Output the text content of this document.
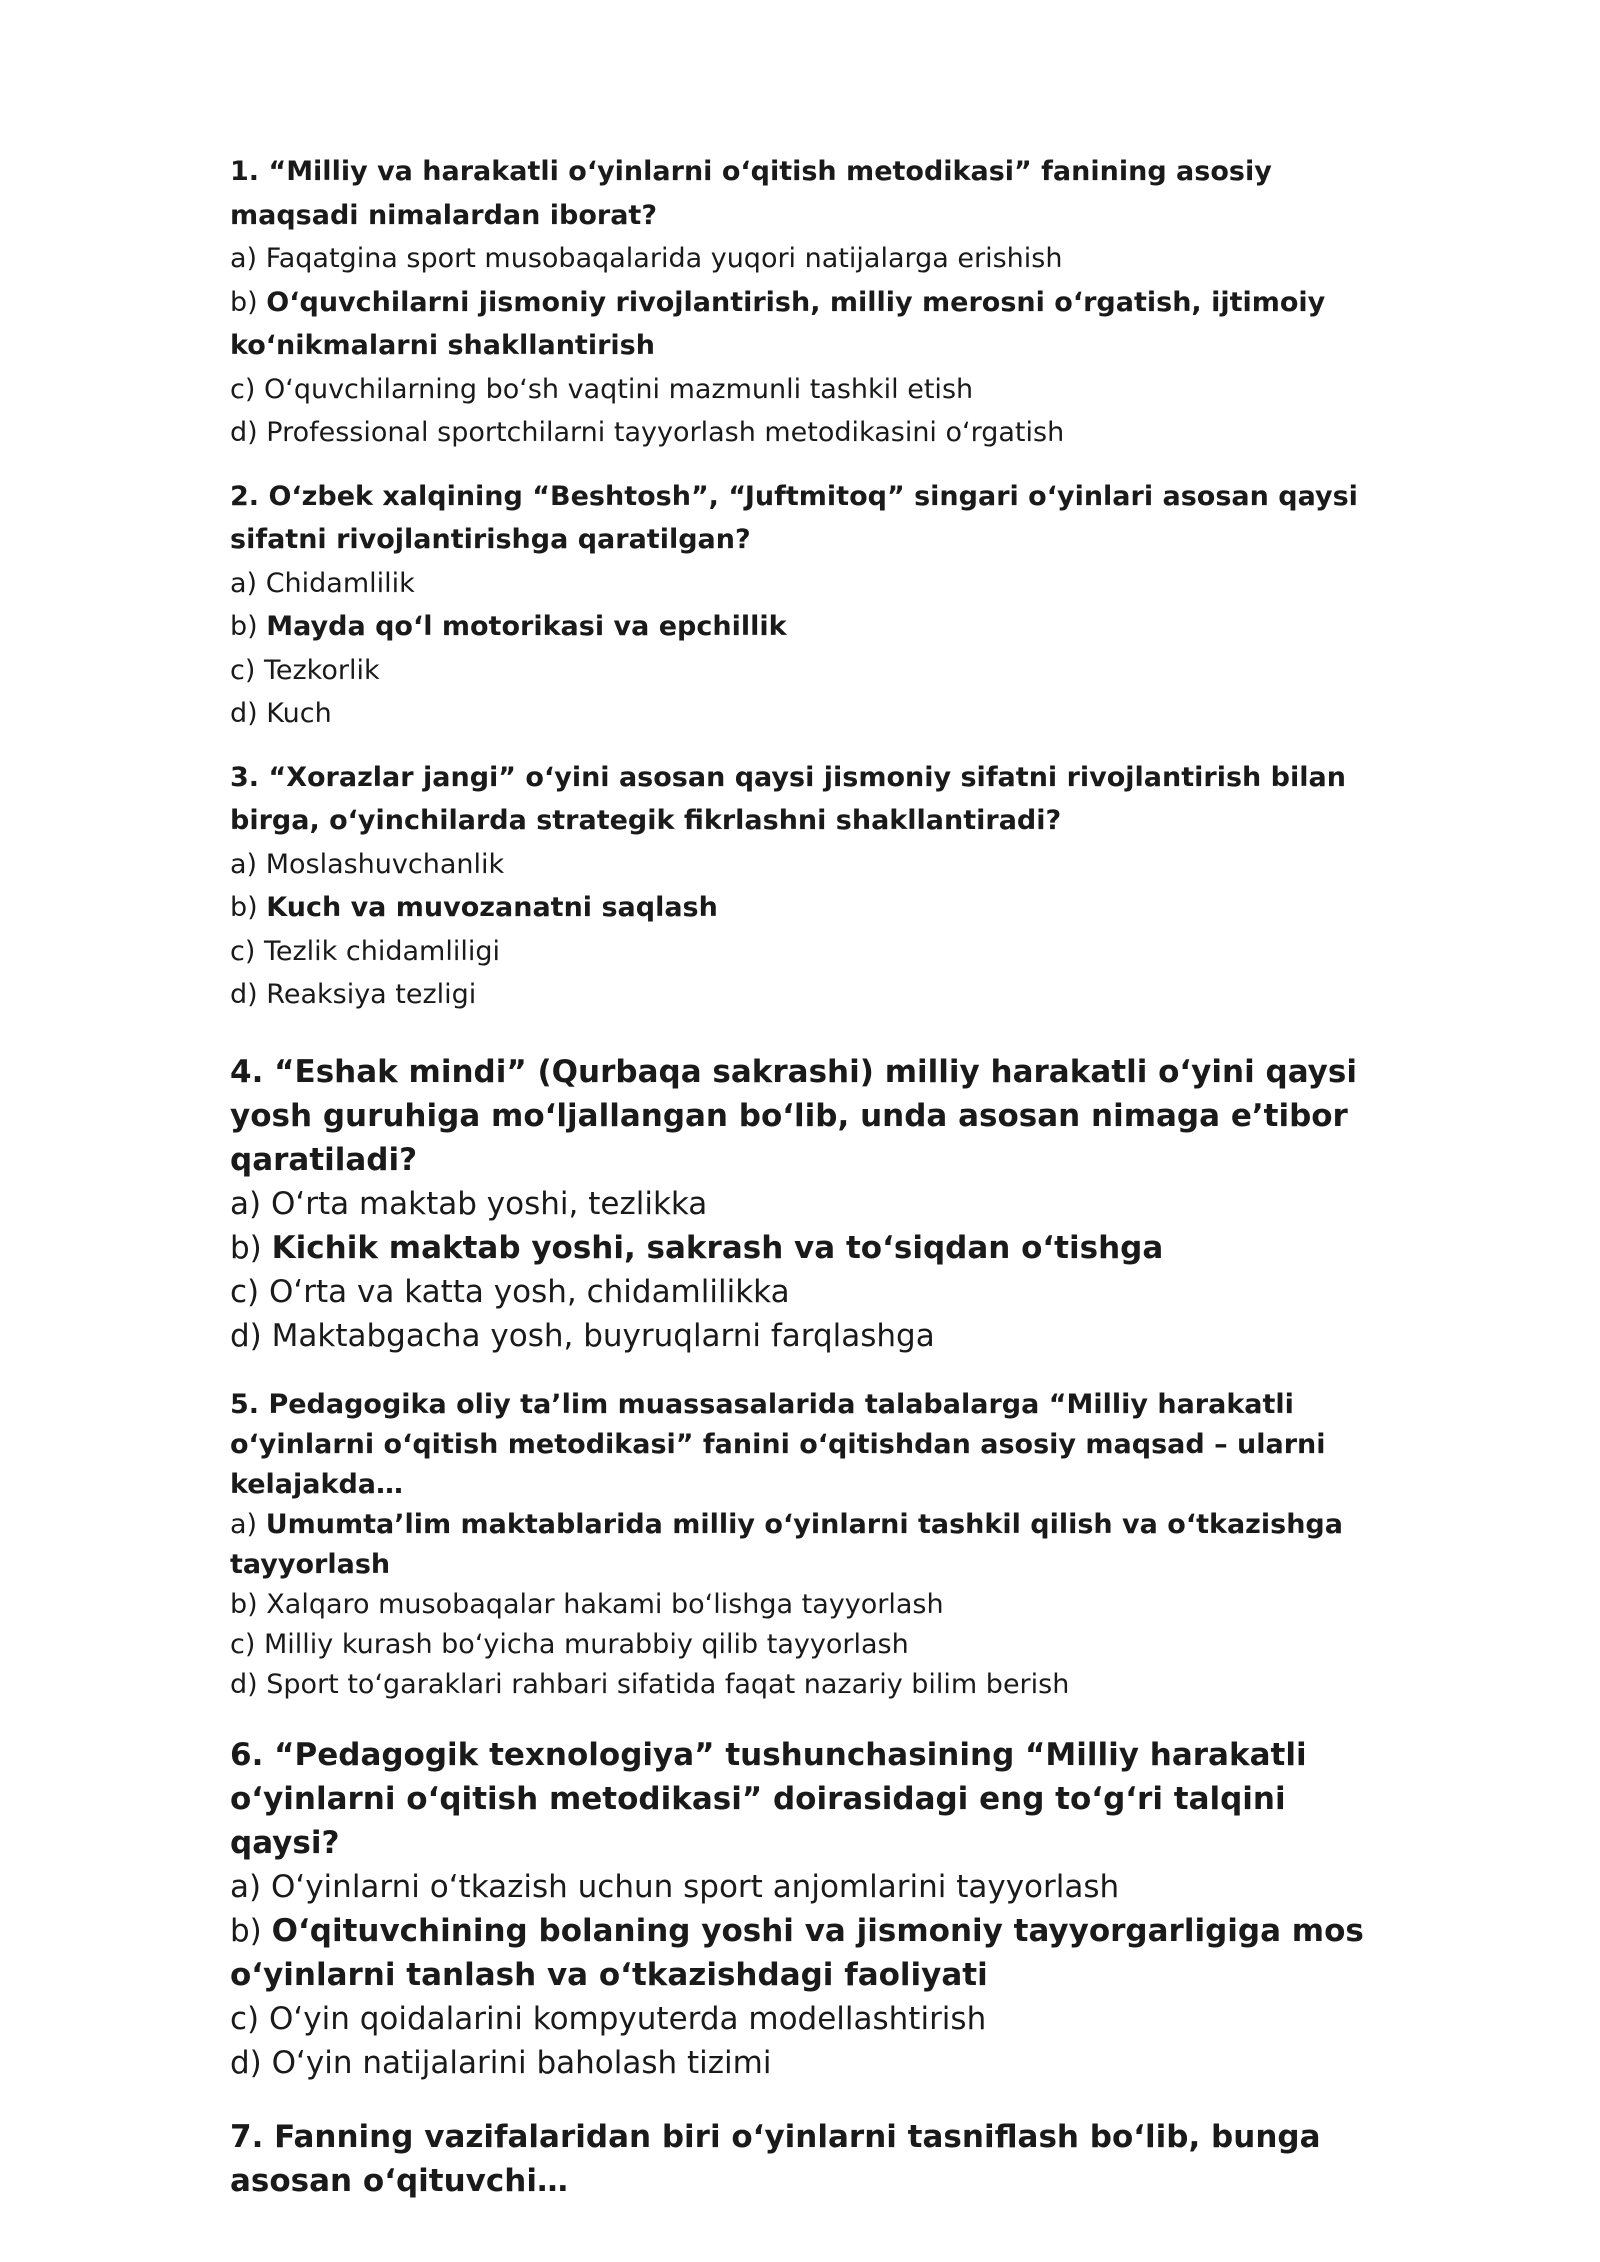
1. “Milliy va harakatli oʻyinlarni oʻqitish metodikasi” fanining asosiy maqsadi nimalardan iborat?

a) Faqatgina sport musobaqalarida yuqori natijalarga erishish

b) Oʻquvchilarni jismoniy rivojlantirish, milliy merosni oʻrgatish, ijtimoiy koʻnikmalarni shakllantirish

c) Oʻquvchilarning boʻsh vaqtini mazmunli tashkil etish

d) Professional sportchilarni tayyorlash metodikasini oʻrgatish

2. Oʻzbek xalqining “Beshtosh”, “Juftmitoq” singari oʻyinlari asosan qaysi sifatni rivojlantirishga qaratilgan?

a) Chidamlilik

b) Mayda qoʻl motorikasi va epchillik

c) Tezkorlik

d) Kuch

3. “Xorazlar jangi” oʻyini asosan qaysi jismoniy sifatni rivojlantirish bilan birga, oʻyinchilarda strategik fikrlashni shakllantiradi?

a) Moslashuvchanlik

b) Kuch va muvozanatni saqlash

c) Tezlik chidamliligi

d) Reaksiya tezligi

4. “Eshak mindi” (Qurbaqa sakrashi) milliy harakatli oʻyini qaysi yosh guruhiga moʻljallangan boʻlib, unda asosan nimaga eʼtibor qaratiladi?

a) Oʻrta maktab yoshi, tezlikka

b) Kichik maktab yoshi, sakrash va toʻsiqdan oʻtishga

c) Oʻrta va katta yosh, chidamlilikka

d) Maktabgacha yosh, buyruqlarni farqlashga

5. Pedagogika oliy taʼlim muassasalarida talabalarga “Milliy harakatli oʻyinlarni oʻqitish metodikasi” fanini oʻqitishdan asosiy maqsad – ularni kelajakda…

a) Umumtaʼlim maktablarida milliy oʻyinlarni tashkil qilish va oʻtkazishga tayyorlash

b) Xalqaro musobaqalar hakami boʻlishga tayyorlash

c) Milliy kurash boʻyicha murabbiy qilib tayyorlash

d) Sport toʻgaraklari rahbari sifatida faqat nazariy bilim berish

6. “Pedagogik texnologiya” tushunchasining “Milliy harakatli oʻyinlarni oʻqitish metodikasi” doirasidagi eng toʻgʻri talqini qaysi?

a) Oʻyinlarni oʻtkazish uchun sport anjomlarini tayyorlash

b) Oʻqituvchining bolaning yoshi va jismoniy tayyorgarligiga mos oʻyinlarni tanlash va oʻtkazishdagi faoliyati

c) Oʻyin qoidalarini kompyuterda modellashtirish

d) Oʻyin natijalarini baholash tizimi

7. Fanning vazifalaridan biri oʻyinlarni tasniflash boʻlib, bunga asosan oʻqituvchi…
